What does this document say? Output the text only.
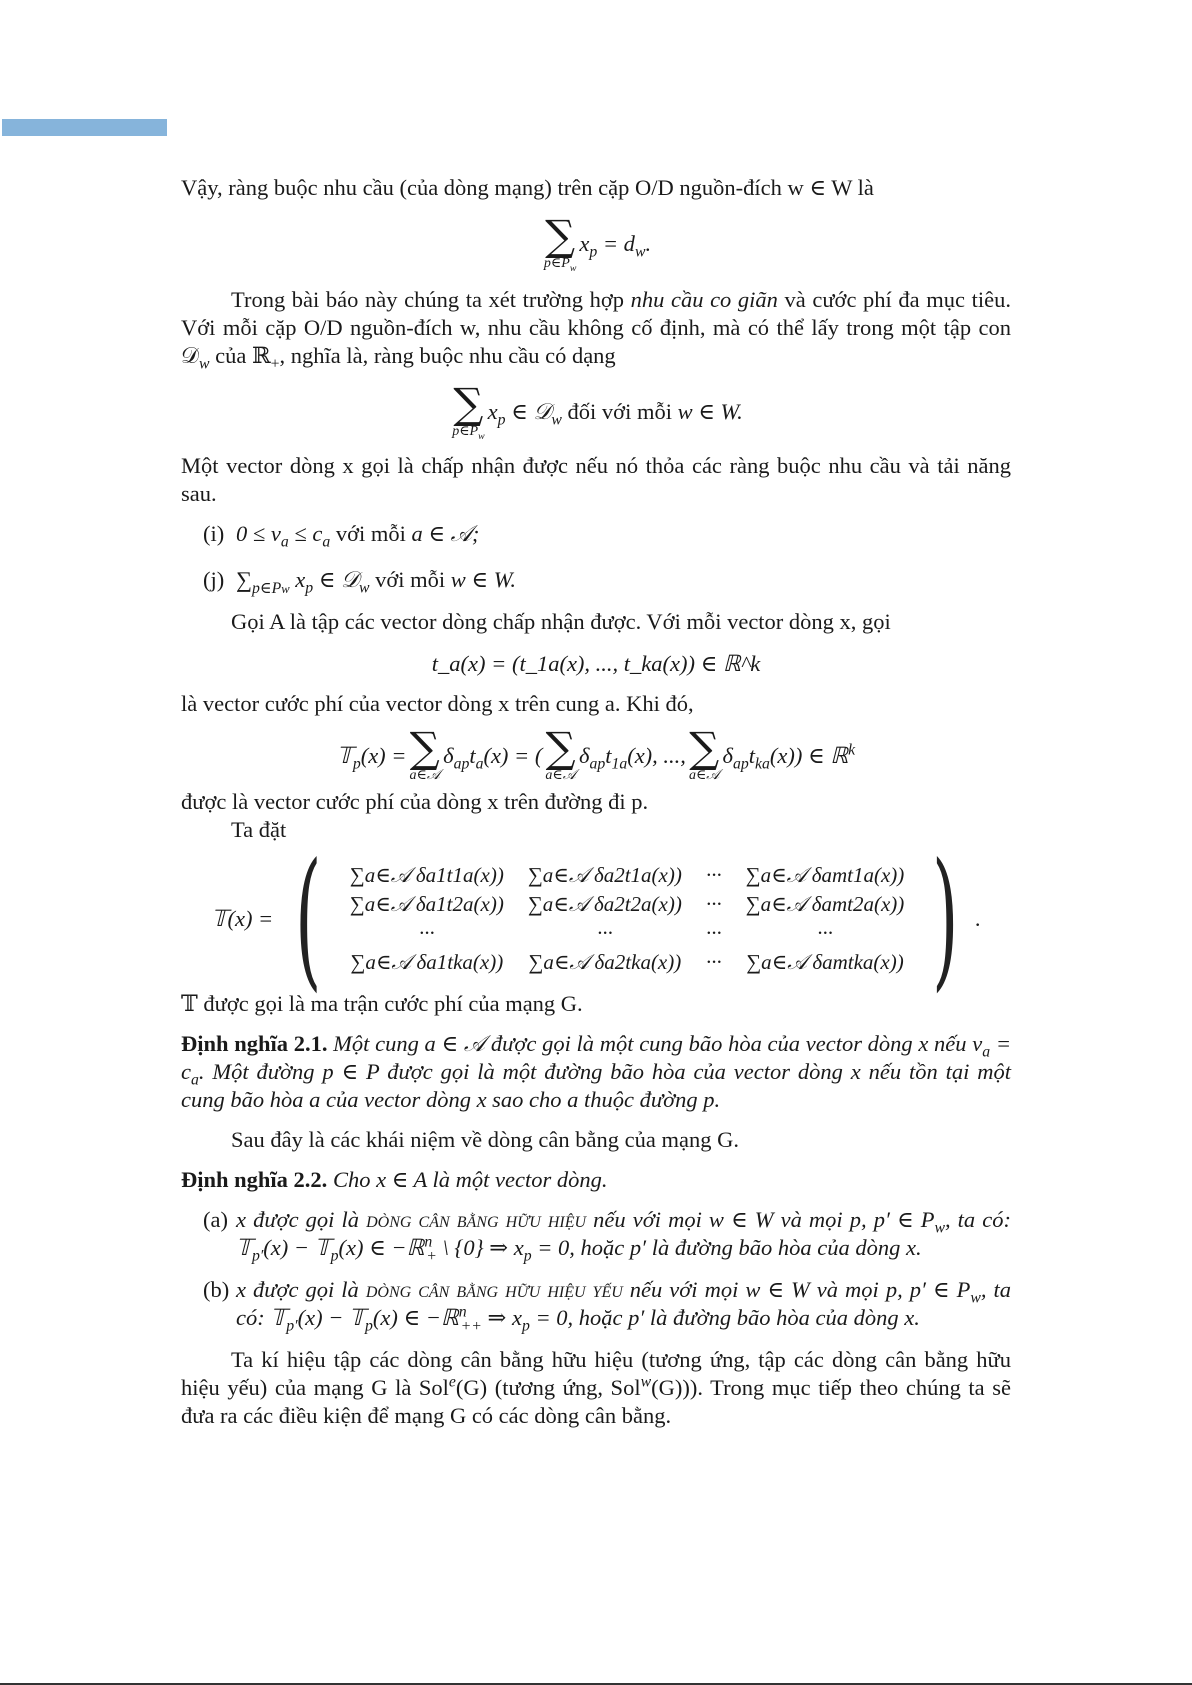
Vậy, ràng buộc nhu cầu (của dòng mạng) trên cặp O/D nguồn-đích w ∈ W là

∑
$p\in P_w$
$x_p = d_w$.

Trong bài báo này chúng ta xét trường hợp nhu cầu co giãn và cước phí đa mục tiêu. Với mỗi cặp O/D nguồn-đích w, nhu cầu không cố định, mà có thể lấy trong một tập con 𝒟$_w$ của ℝ$_+$, nghĩa là, ràng buộc nhu cầu có dạng

∑
$p\in P_w$
$x_p$ ∈ 𝒟$_w$ đối với mỗi w ∈ W.

Một vector dòng x gọi là chấp nhận được nếu nó thỏa các ràng buộc nhu cầu và tải năng sau.

(i) $0 \le v_a \le c_a$ với mỗi a ∈ 𝒜;
(j) $\sum_{p\in Pw}$ $x_p$ ∈ 𝒟$_w$ với mỗi w ∈ W.

Gọi A là tập các vector dòng chấp nhận được. Với mỗi vector dòng x, gọi

t_a(x) = (t_1a(x), ..., t_ka(x)) ∈ ℝ^k

là vector cước phí của vector dòng x trên cung a. Khi đó,

𝕋$_p$(x) = ∑
a∈𝒜
$\delta_{ap}t_a(x)$ = ( ∑
a∈𝒜
$\delta_{ap}t_{1a}(x)$, ..., ∑
a∈𝒜
$\delta_{ap}t_{ka}(x)$) ∈ ℝ$^k$

được là vector cước phí của dòng x trên đường đi p.

Ta đặt

𝕋(x) = ( ∑a∈𝒜 δa1t1a(x))	∑a∈𝒜 δa2t1a(x))	···	∑a∈𝒜 δamt1a(x))
∑a∈𝒜 δa1t2a(x))	∑a∈𝒜 δa2t2a(x))	···	∑a∈𝒜 δamt2a(x))
···	···	···	···
∑a∈𝒜 δa1tka(x))	∑a∈𝒜 δa2tka(x))	···	∑a∈𝒜 δamtka(x)) ) .

𝕋 được gọi là ma trận cước phí của mạng G.

Định nghĩa 2.1. Một cung a ∈ 𝒜 được gọi là một cung bão hòa của vector dòng x nếu $v_a = c_a$. Một đường p ∈ P được gọi là một đường bão hòa của vector dòng x nếu tồn tại một cung bão hòa a của vector dòng x sao cho a thuộc đường p.

Sau đây là các khái niệm về dòng cân bằng của mạng G.

Định nghĩa 2.2. Cho x ∈ A là một vector dòng.

(a) x được gọi là dòng cân bằng hữu hiệu nếu với mọi w ∈ W và mọi p, p′ ∈ $P_w$, ta có: 𝕋$_{p'}$(x) − 𝕋$_p$(x) ∈ −ℝ$^n_+$ \ {0} ⇒ $x_p = 0$, hoặc p′ là đường bão hòa của dòng x.
(b) x được gọi là dòng cân bằng hữu hiệu yếu nếu với mọi w ∈ W và mọi p, p′ ∈ $P_w$, ta có: 𝕋$_{p'}$(x) − 𝕋$_p$(x) ∈ −ℝ$^n_{++}$ ⇒ $x_p = 0$, hoặc p′ là đường bão hòa của dòng x.

Ta kí hiệu tập các dòng cân bằng hữu hiệu (tương ứng, tập các dòng cân bằng hữu hiệu yếu) của mạng G là Sol$^e$(G) (tương ứng, Sol$^w$(G))). Trong mục tiếp theo chúng ta sẽ đưa ra các điều kiện để mạng G có các dòng cân bằng.
